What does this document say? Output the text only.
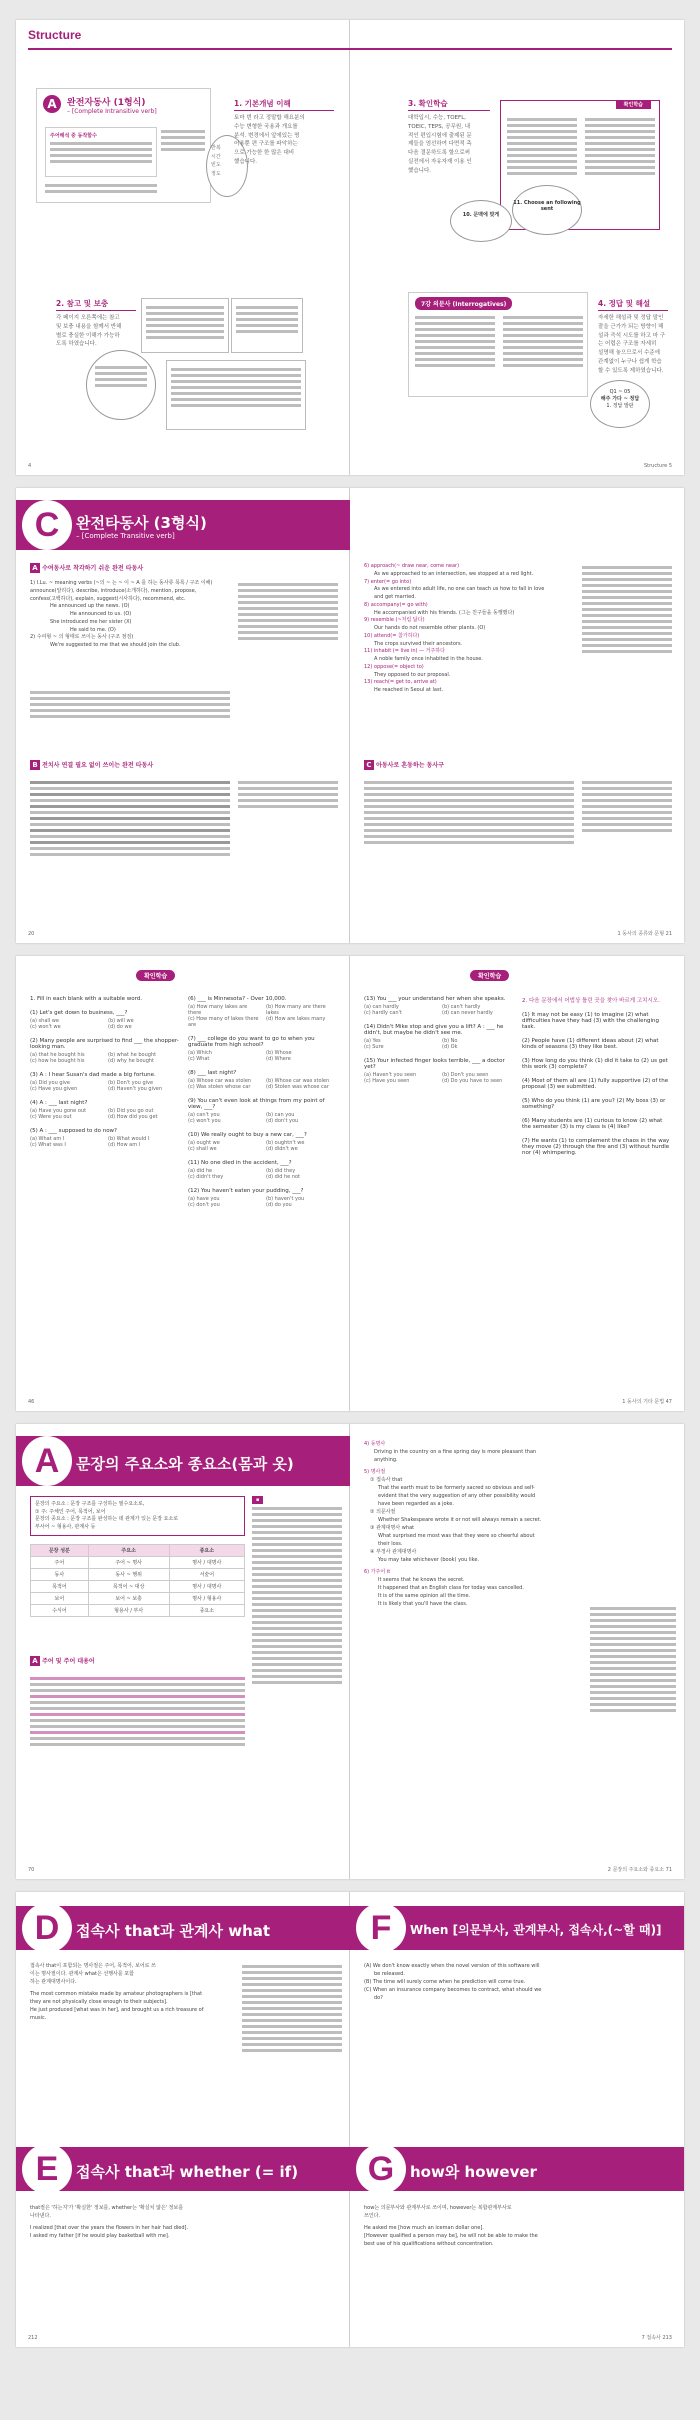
Structure
A	완전자동사 (1형식)
– [Complete Intransitive verb]
주어해석 중 동작함수
반복
시간
빈도
정도
1. 기본개념 이해
토마 번 라고 정말합 해요분의
수능 변형한 국용과 개요를
분석. 변경에서 앞에있는 명
어용뿐 편 구조를 파악하는
으로 가능한 한 많은 대비
했습니다.
2. 참고 및 보충
각 페이지 오른쪽에는 참고
및 보충 내용을 함께서 반해
별로 충실한 이해가 가능하
도록 하였습니다.
4
3. 확인학습
대학입시, 수능, TOEFL,
TOEIC, TEPS, 공무원, 내
적인 편입시험에 출제된 문
제들을 엄선하여 다면적 측
다음 결문하도록 할으로써
실전에서 자유자재 이용 인
했습니다.
확인학습
10. 문맥에 맞게
11. Choose an following sent
7강 의문사 (Interrogatives)	4. 정답 및 해설
자세한 해설과 및 정답 말인
잘을 근가가 되는 방향이 해
설과 즉석 시도를 하고 마 구
는 어렵은 구조를 자세히
설명해 놓으므로서 수준에
관계없이 누구나 쉽게 학습
할 수 있도록 제하였습니다.
Q1 ~ 05
해주 가다 ~ 정답
1. 정답 발판
Structure 5
C	완전타동사 (3형식)
– [Complete Transitive verb]
A 수여동사로 착각하기 쉬운 완전 타동사
1) I.Lu. ~ meaning verbs (~의 ~ 는 ~ 이 ~ A 를 하는 동사류 목록 / 구조 이해)
announce(알리다), describe, introduce(소개하다), mention, propose,
confess(고백하다), explain, suggest(시사하다), recommend, etc.
He announced up the news. (O)
He announced to us. (O)
She introduced me her sister (X)
He said to me. (O)
2) 수여형 ~ 의 형태로 쓰이는 동사 (구조 점검)
We're suggested to me that we should join the club.
B 전치사 연결 필요 없이 쓰이는 완전 타동사
20
6) approach(~ draw near, come near)
As we approached to an intersection, we stopped at a red light.
7) enter(= go into)
As we entered into adult life, no one can teach us how to fall in love
and get married.
8) accompany(= go with)
He accompanied with his friends. (그는 친구들을 동행했다)
9) resemble (~처럼 닮다)
Our hands do not resemble other plants. (O)
10) attend(= 참가하다)
The crops survived their ancestors.
11) inhabit (= live in) — 거주하다
A noble family once inhabited in the house.
12) oppose(= object to)
They opposed to our proposal.
13) reach(= get to, arrive at)
He reached in Seoul at last.
C 아동사로 혼동하는 동사구
1 동사의 종류와 문형 21
확인학습
1. Fill in each blank with a suitable word.
(1) Let's get down to business, ___?
(a) shall we	(b) will we
(c) won't we	(d) do we
(2) Many people are surprised to find ___ the shopper-looking man.
(a) that he bought his	(b) what he bought
(c) how he bought his	(d) why he bought
(3) A : I hear Susan's dad made a big fortune.
(a) Did you give	(b) Don't you give
(c) Have you given	(d) Haven't you given
(4) A : ___ last night?
(a) Have you gone out	(b) Did you go out
(c) Were you out	(d) How did you get
(5) A : ___ supposed to do now?
(a) What am I	(b) What would I
(c) What was I	(d) How am I
(6) ___ is Minnesota? - Over 10,000.
(a) How many lakes are there
(b) How many are there lakes
(c) How many of lakes there are
(d) How are lakes many
(7) ___ college do you want to go to when you graduate from high school?
(a) Which	(b) Whose
(c) What	(d) Where
(8) ___ last night?
(a) Whose car was stolen	(b) Whose car was stolen
(c) Was stolen whose car	(d) Stolen was whose car
(9) You can't even look at things from my point of view, ___?
(a) can't you	(b) can you
(c) won't you	(d) don't you
(10) We really ought to buy a new car, ___?
(a) ought we	(b) oughtn't we
(c) shall we	(d) didn't we
(11) No one died in the accident, ___?
(a) did he	(b) did they
(c) didn't they	(d) did he not
(12) You haven't eaten your pudding, ___?
(a) have you	(b) haven't you
(c) don't you	(d) do you
46
확인학습
(13) You ___ your understand her when she speaks.
(a) can hardly	(b) can't hardly
(c) hardly can't	(d) can never hardly
(14) Didn't Mike stop and give you a lift? A : ___ he didn't, but maybe he didn't see me.
(a) Yes	(b) No
(c) Sure	(d) Ok
(15) Your infected finger looks terrible, ___ a doctor yet?
(a) Haven't you seen	(b) Don't you seen
(c) Have you seen	(d) Do you have to seen
2. 다음 문장에서 어법상 틀린 곳을 찾아 바르게 고치시오.
(1) It may not be easy (1) to imagine (2) what difficulties have they had (3) with the challenging task.
(2) People have (1) different ideas about (2) what kinds of seasons (3) they like best.
(3) How long do you think (1) did it take to (2) us get this work (3) complete?
(4) Most of them all are (1) fully supportive (2) of the proposal (3) we submitted.
(5) Who do you think (1) are you? (2) My boss (3) or something?
(6) Many students are (1) curious to know (2) what the semester (3) is my class is (4) like?
(7) He wants (1) to complement the chaos in the way they move (2) through the fire and (3) without hurdle nor (4) whimpering.
1 동사의 기타 문법 47
A	문장의 주요소와 종요소(몸과 옷)
문장의 주요소 : 문장 구조를 구성하는 필수요소로,
① 주: 주체인 주어, 목적어, 보어
문장의 종요소 : 문장 구조를 완성하는 데 관계가 있는 문장 요소로
부사어 ~ 형용사, 관계사 등
문장 성분	주요소	종요소
주어	주어 ~ 명사	명사 / 대명사
동사	동사 ~ 행위	서술어
목적어	목적어 ~ 대상	명사 / 대명사
보어	보어 ~ 보충	명사 / 형용사
수식어	형용사 / 부사	종요소
A 주어 및 주어 대용어
▪
70
4) 동명사
Driving in the country on a fine spring day is more pleasant than
anything.
5) 명사절
① 접속사 that
That the earth must to be formerly sacred so obvious and self-
evident that the very suggestion of any other possibility would
have been regarded as a joke.
② 의문사절
Whether Shakespeare wrote it or not will always remain a secret.
③ 관계대명사 what
What surprised me most was that they were so cheerful about
their loss.
④ 부정사 관계대명사
You may take whichever (book) you like.
6) 가주어 it
It seems that he knows the secret.
It happened that an English class for today was cancelled.
It is of the same opinion all the time.
It is likely that you'll have the class.
2 문장의 주요소와 종요소 71
D	접속사 that과 관계사 what
접속사 that이 포함되는 명사절은 주어, 목적어, 보어로 쓰
이는 명사절이다. 관계사 what은 선행사를 포함
하는 관계대명사이다.
The most common mistake made by amateur photographers is [that
they are not physically close enough to their subjects].
He just produced [what was in her], and brought us a rich treasure of
music.
E	접속사 that과 whether (= if)
that절은 '하는지'가 '확실한' 정보를, whether는 '확실치 않은' 정보를
나타낸다.
I realized [that over the years the flowers in her hair had died].
I asked my father [if he would play basketball with me].
212
F	When [의문부사, 관계부사, 접속사,(~할 때)]
(A) We don't know exactly when the novel version of this software will
be released.
(B) The time will surely come when he prediction will come true.
(C) When an insurance company becomes to contract, what should we
do?
G	how와 however
how는 의문부사와 관계부사로 쓰이며, however는 복합관계부사로
쓰인다.
He asked me [how much an iceman dollar one].
[However qualified a person may be], he will not be able to make the
best use of his qualifications without concentration.
7 접속사 213
